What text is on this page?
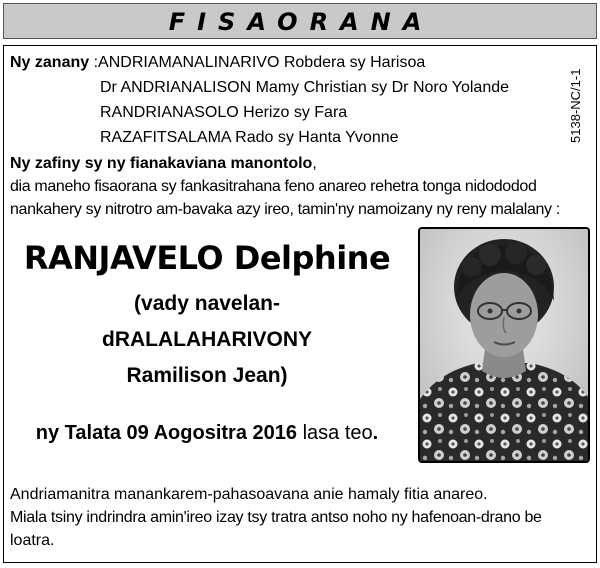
FISAORANA
5138-NC/1-1
Ny zanany :ANDRIAMANALINARIVO Robdera sy Harisoa
Dr ANDRIANALISON Mamy Christian sy Dr Noro Yolande
RANDRIANASOLO Herizo sy Fara
RAZAFITSALAMA Rado sy Hanta Yvonne
Ny zafiny sy ny fianakaviana manontolo,
dia maneho fisaorana sy fankasitrahana feno anareo rehetra tonga nidododod
nankahery sy nitrotro am-bavaka azy ireo, tamin'ny namoizany ny reny malalany :
RANJAVELO Delphine
(vady navelan-
dRALALAHARIVONY
Ramilison Jean)
ny Talata 09 Aogositra 2016 lasa teo.
Andriamanitra manankarem-pahasoavana anie hamaly fitia anareo.
Miala tsiny indrindra amin'ireo izay tsy tratra antso noho ny hafenoan-drano be
loatra.
